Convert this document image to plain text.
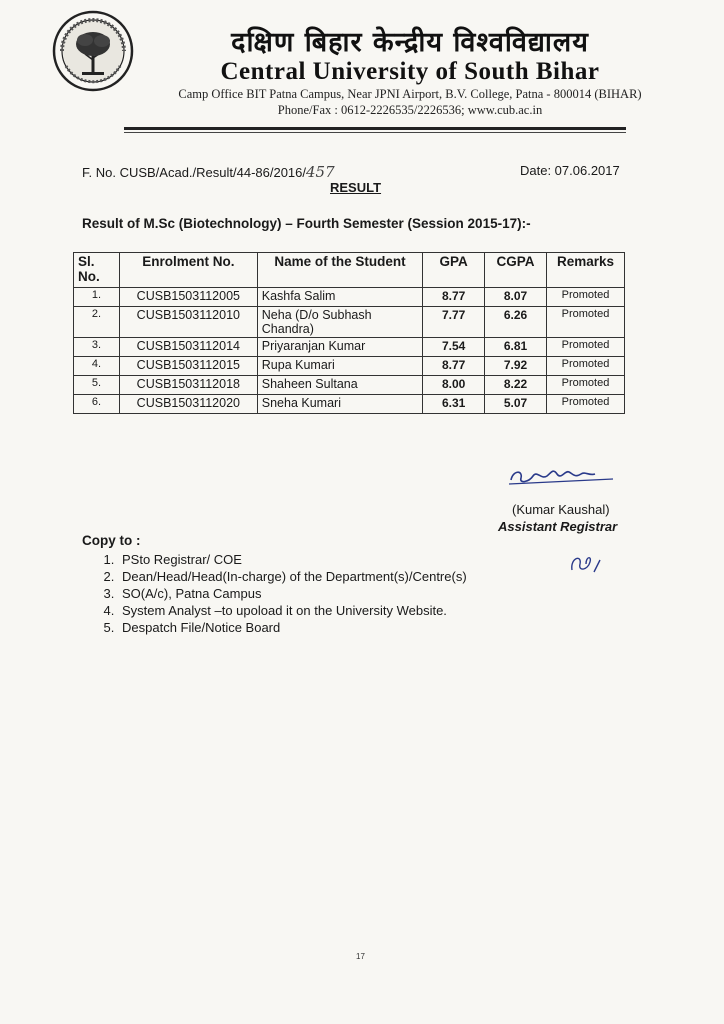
दक्षिण बिहार केन्द्रीय विश्वविद्यालय
Central University of South Bihar
Camp Office BIT Patna Campus, Near JPNI Airport, B.V. College, Patna - 800014 (BIHAR)
Phone/Fax : 0612-2226535/2226536; www.cub.ac.in
F. No. CUSB/Acad./Result/44-86/2016/457	Date: 07.06.2017
RESULT
Result of M.Sc (Biotechnology) – Fourth Semester (Session 2015-17):-
Sl. No.	Enrolment No.	Name of the Student	GPA	CGPA	Remarks
1.	CUSB1503112005	Kashfa Salim	8.77	8.07	Promoted
2.	CUSB1503112010	Neha (D/o Subhash Chandra)	7.77	6.26	Promoted
3.	CUSB1503112014	Priyaranjan Kumar	7.54	6.81	Promoted
4.	CUSB1503112015	Rupa Kumari	8.77	7.92	Promoted
5.	CUSB1503112018	Shaheen Sultana	8.00	8.22	Promoted
6.	CUSB1503112020	Sneha Kumari	6.31	5.07	Promoted
(Kumar Kaushal)
Assistant Registrar
Copy to :
1. PSto Registrar/ COE
2. Dean/Head/Head(In-charge) of the Department(s)/Centre(s)
3. SO(A/c), Patna Campus
4. System Analyst –to upoload it on the University Website.
5. Despatch File/Notice Board
17
